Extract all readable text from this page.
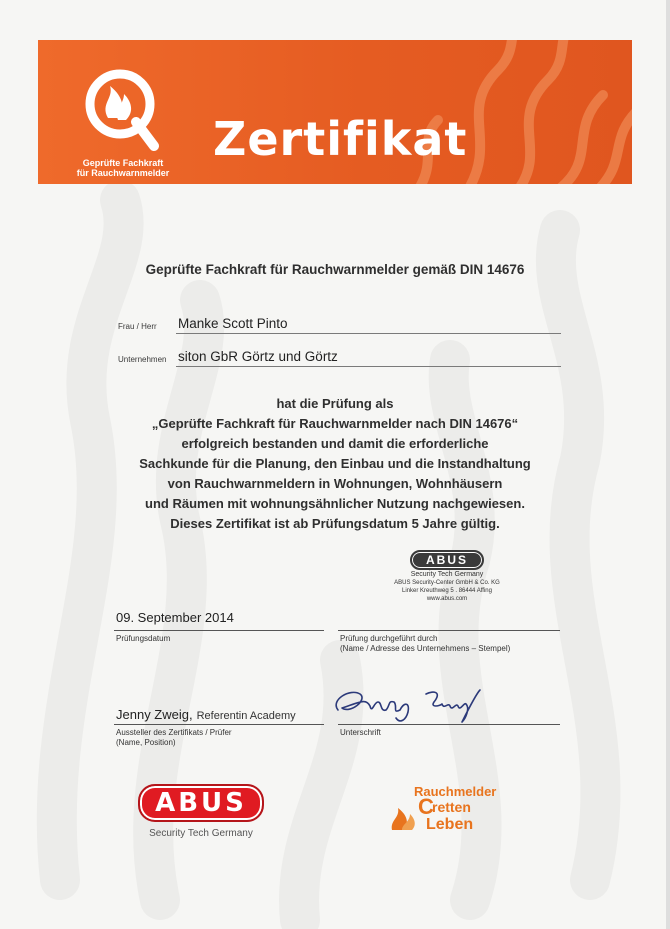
Geprüfte Fachkraft
für Rauchwarnmelder
Zertifikat
Geprüfte Fachkraft für Rauchwarnmelder gemäß DIN 14676
Frau / Herr Manke Scott Pinto
Unternehmen siton GbR Görtz und Görtz
hat die Prüfung als
„Geprüfte Fachkraft für Rauchwarnmelder nach DIN 14676“
erfolgreich bestanden und damit die erforderliche
Sachkunde für die Planung, den Einbau und die Instandhaltung
von Rauchwarnmeldern in Wohnungen, Wohnhäusern
und Räumen mit wohnungsähnlicher Nutzung nachgewiesen.
Dieses Zertifikat ist ab Prüfungsdatum 5 Jahre gültig.
ABUS
Security Tech Germany
ABUS Security-Center GmbH & Co. KG
Linker Kreuthweg 5 . 86444 Affing
www.abus.com
09. September 2014
Prüfungsdatum	Prüfung durchgeführt durch
(Name / Adresse des Unternehmens – Stempel)
Jenny Zweig, Referentin Academy
Aussteller des Zertifikats / Prüfer
(Name, Position)
Unterschrift
ABUS
Security Tech Germany
Rauchmelder
C
retten
Leben
